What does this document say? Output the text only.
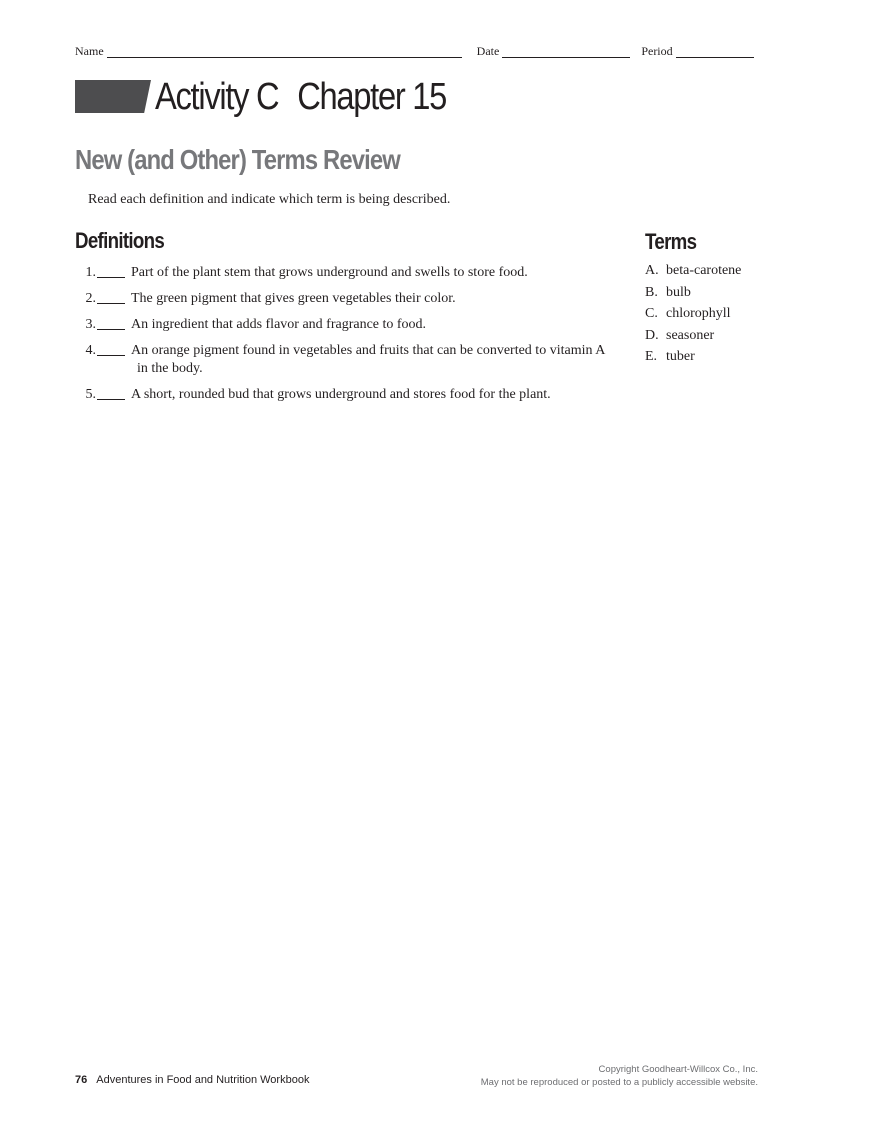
Name	Date	Period
Activity C Chapter 15
New (and Other) Terms Review
Read each definition and indicate which term is being described.
Definitions	Terms
1.	Part of the plant stem that grows underground and swells to store food.
2.	The green pigment that gives green vegetables their color.
3.	An ingredient that adds flavor and fragrance to food.
4.	An orange pigment found in vegetables and fruits that can be converted to vitamin A
in the body.
5.	A short, rounded bud that grows underground and stores food for the plant.
A. beta-carotene
B. bulb
C. chlorophyll
D. seasoner
E. tuber
76 Adventures in Food and Nutrition Workbook
Copyright Goodheart-Willcox Co., Inc.
May not be reproduced or posted to a publicly accessible website.
